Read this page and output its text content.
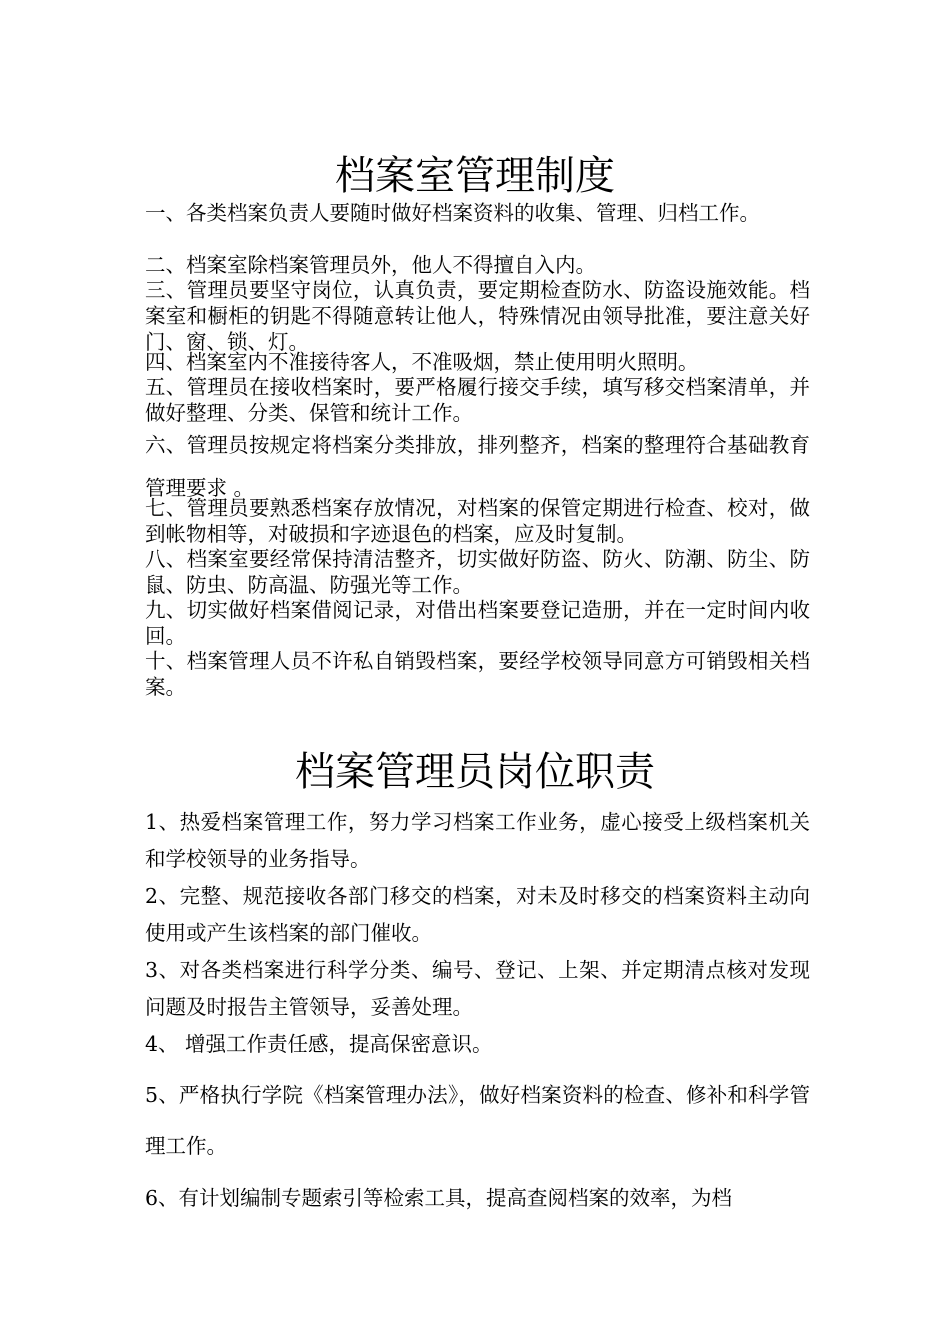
档案室管理制度

一、各类档案负责人要随时做好档案资料的收集、管理、归档工作。

二、档案室除档案管理员外，他人不得擅自入内。

三、管理员要坚守岗位，认真负责，要定期检查防水、防盗设施效能。档案室和橱柜的钥匙不得随意转让他人，特殊情况由领导批准，要注意关好门、窗、锁、灯。

四、档案室内不准接待客人，不准吸烟，禁止使用明火照明。

五、管理员在接收档案时，要严格履行接交手续，填写移交档案清单，并做好整理、分类、保管和统计工作。

六、管理员按规定将档案分类排放，排列整齐，档案的整理符合基础教育管理要求 。

七、管理员要熟悉档案存放情况，对档案的保管定期进行检查、校对，做到帐物相等，对破损和字迹退色的档案，应及时复制。

八、档案室要经常保持清洁整齐，切实做好防盗、防火、防潮、防尘、防鼠、防虫、防高温、防强光等工作。

九、切实做好档案借阅记录，对借出档案要登记造册，并在一定时间内收回。

十、档案管理人员不许私自销毁档案，要经学校领导同意方可销毁相关档案。

档案管理员岗位职责

1、热爱档案管理工作，努力学习档案工作业务，虚心接受上级档案机关和学校领导的业务指导。

2、完整、规范接收各部门移交的档案，对未及时移交的档案资料主动向使用或产生该档案的部门催收。

3、对各类档案进行科学分类、编号、登记、上架、并定期清点核对发现问题及时报告主管领导，妥善处理。

4、 增强工作责任感，提高保密意识。

5、严格执行学院《档案管理办法》，做好档案资料的检查、修补和科学管理工作。

6、有计划编制专题索引等检索工具，提高查阅档案的效率，为档
